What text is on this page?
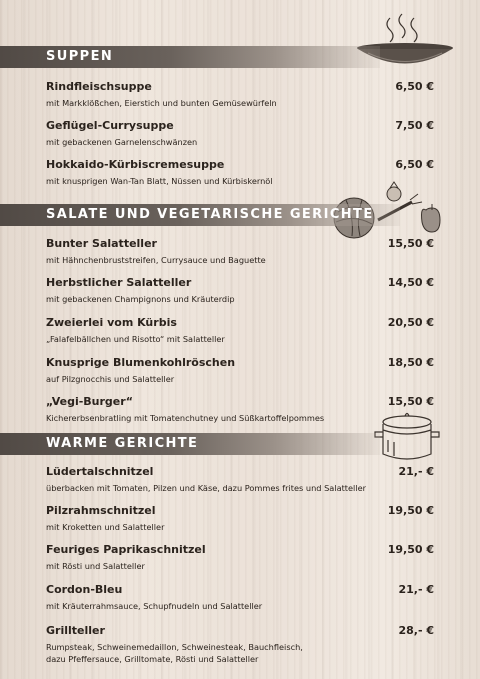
SUPPEN
Rindfleischsuppe	6,50 €
mit Markklößchen, Eierstich und bunten Gemüsewürfeln
Geflügel-Currysuppe	7,50 €
mit gebackenen Garnelenschwänzen
Hokkaido-Kürbiscremesuppe	6,50 €
mit knusprigen Wan-Tan Blatt, Nüssen und Kürbiskernöl
SALATE UND VEGETARISCHE GERICHTE
Bunter Salatteller	15,50 €
mit Hähnchenbruststreifen, Currysauce und Baguette
Herbstlicher Salatteller	14,50 €
mit gebackenen Champignons und Kräuterdip
Zweierlei vom Kürbis	20,50 €
„Falafelbällchen und Risotto“ mit Salatteller
Knusprige Blumenkohlröschen	18,50 €
auf Pilzgnocchis und Salatteller
„Vegi-Burger“	15,50 €
Kichererbsenbratling mit Tomatenchutney und Süßkartoffelpommes
WARME GERICHTE
Lüdertalschnitzel	21,- €
überbacken mit Tomaten, Pilzen und Käse, dazu Pommes frites und Salatteller
Pilzrahmschnitzel	19,50 €
mit Kroketten und Salatteller
Feuriges Paprikaschnitzel	19,50 €
mit Rösti und Salatteller
Cordon-Bleu	21,- €
mit Kräuterrahmsauce, Schupfnudeln und Salatteller
Grillteller	28,- €
Rumpsteak, Schweinemedaillon, Schweinesteak, Bauchfleisch,
dazu Pfeffersauce, Grilltomate, Rösti und Salatteller
